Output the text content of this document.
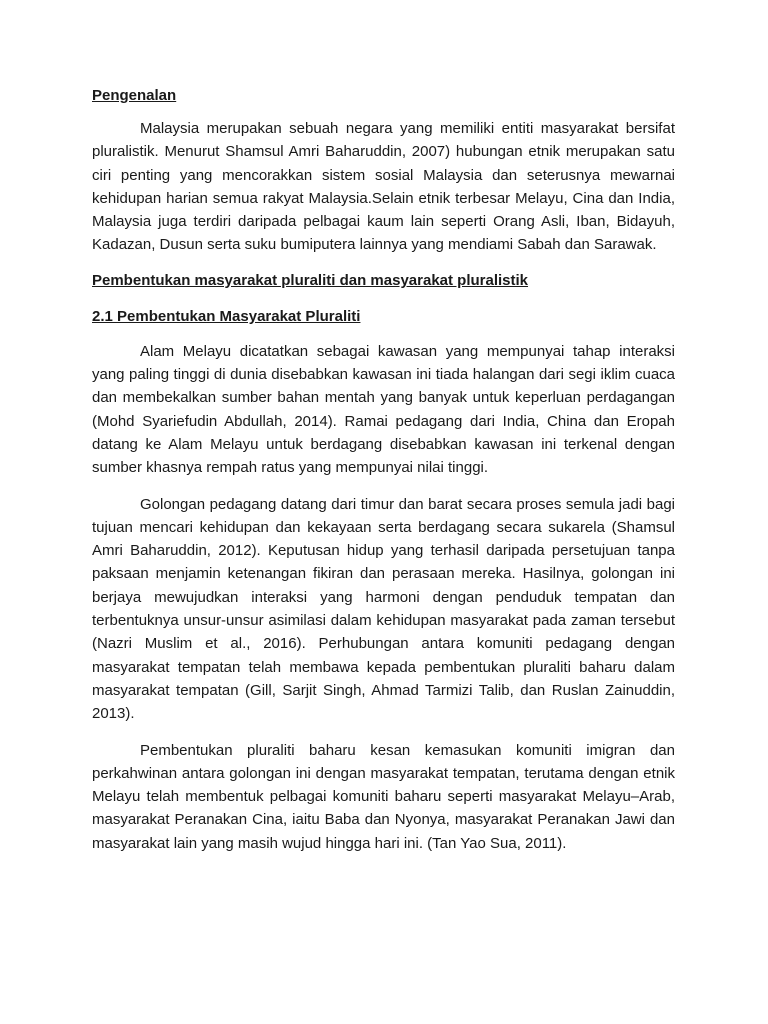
Pengenalan

Malaysia merupakan sebuah negara yang memiliki entiti masyarakat bersifat pluralistik. Menurut Shamsul Amri Baharuddin, 2007) hubungan etnik merupakan satu ciri penting yang mencorakkan sistem sosial Malaysia dan seterusnya mewarnai kehidupan harian semua rakyat Malaysia.Selain etnik terbesar Melayu, Cina dan India, Malaysia juga terdiri daripada pelbagai kaum lain seperti Orang Asli, Iban, Bidayuh, Kadazan, Dusun serta suku bumiputera lainnya yang mendiami Sabah dan Sarawak.

Pembentukan masyarakat pluraliti dan masyarakat pluralistik

2.1 Pembentukan Masyarakat Pluraliti

Alam Melayu dicatatkan sebagai kawasan yang mempunyai tahap interaksi yang paling tinggi di dunia disebabkan kawasan ini tiada halangan dari segi iklim cuaca dan membekalkan sumber bahan mentah yang banyak untuk keperluan perdagangan (Mohd Syariefudin Abdullah, 2014). Ramai pedagang dari India, China dan Eropah datang ke Alam Melayu untuk berdagang disebabkan kawasan ini terkenal dengan sumber khasnya rempah ratus yang mempunyai nilai tinggi.

Golongan pedagang datang dari timur dan barat secara proses semula jadi bagi tujuan mencari kehidupan dan kekayaan serta berdagang secara sukarela (Shamsul Amri Baharuddin, 2012). Keputusan hidup yang terhasil daripada persetujuan tanpa paksaan menjamin ketenangan fikiran dan perasaan mereka. Hasilnya, golongan ini berjaya mewujudkan interaksi yang harmoni dengan penduduk tempatan dan terbentuknya unsur-unsur asimilasi dalam kehidupan masyarakat pada zaman tersebut (Nazri Muslim et al., 2016). Perhubungan antara komuniti pedagang dengan masyarakat tempatan telah membawa kepada pembentukan pluraliti baharu dalam masyarakat tempatan (Gill, Sarjit Singh, Ahmad Tarmizi Talib, dan Ruslan Zainuddin, 2013).

Pembentukan pluraliti baharu kesan kemasukan komuniti imigran dan perkahwinan antara golongan ini dengan masyarakat tempatan, terutama dengan etnik Melayu telah membentuk pelbagai komuniti baharu seperti masyarakat Melayu–Arab, masyarakat Peranakan Cina, iaitu Baba dan Nyonya, masyarakat Peranakan Jawi dan masyarakat lain yang masih wujud hingga hari ini. (Tan Yao Sua, 2011).
